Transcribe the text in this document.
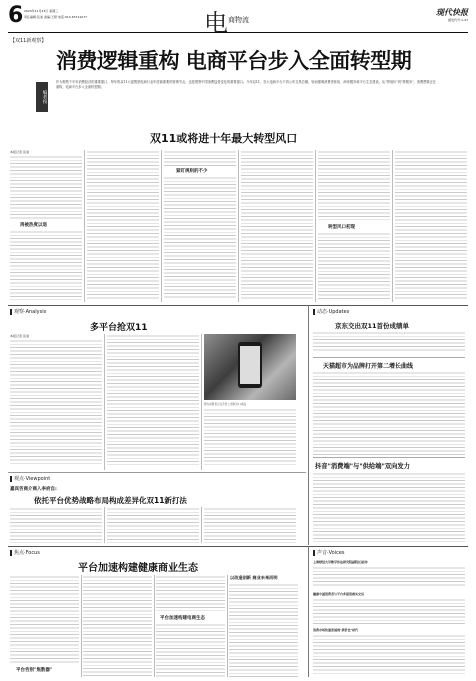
6 2023年11月23日 星期三
责任编辑:张旭 美编:王婷 电话:010-63711077	电 商物流
现代快报
邮发代号:1-47
【双11新观察】
消费逻辑重构 电商平台步入全面转型期
编者按
作为观察下半年消费经济的重要窗口，每年的双11大促既是电商行业年度最重要的营销节点，也是观察中国消费趋势变化的重要窗口。今年双11，各大电商平台不再公布交易总额，转而强调消费者体验、商家服务和平台生态建设。从"拼低价"到"拼服务"，消费逻辑正在重构，电商平台步入全面转型期。
双11或将进十年最大转型风口
本报记者 张旭
再被热度以退
紧盯规则的不少
转型风口初现
观察·Analysis
多平台抢双11
本报记者 张旭
图为消费者正在手机上选购双11商品
动态·Updates
京东交出双11首份成绩单
天猫超市为品牌打开第二增长曲线
抖音"消费端"与"供给端"双向发力
观点·Viewpoint
嘉宾告商介商入李府自:
依托平台优势战略布局构成差异化双11新打法
焦点·Focus
平台加速构建健康商业生态
平台告别"焦数器"
平台加速构建电商生态
以改造创新 商业未来而明
声音·Voices
上海财经大学教学传达研究院副院长聂刘:
健康中国消费者与平台多提消商买交易
消费市场快速发展到"质价比"时代
